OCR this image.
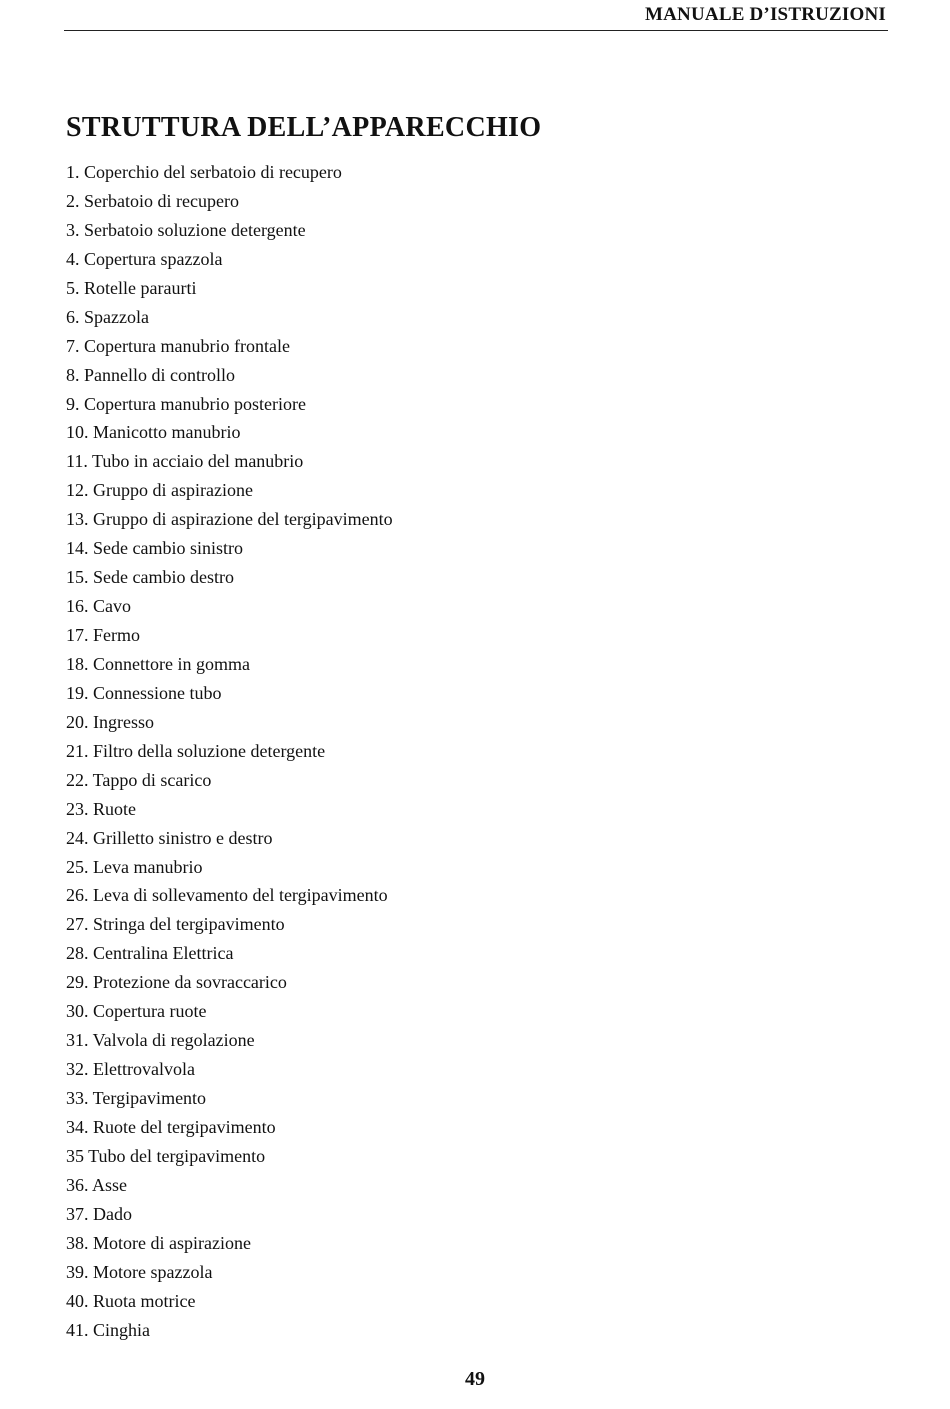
MANUALE D’ISTRUZIONI
STRUTTURA DELL’APPARECCHIO
1. Coperchio del serbatoio di recupero
2. Serbatoio di recupero
3. Serbatoio soluzione detergente
4. Copertura spazzola
5. Rotelle paraurti
6. Spazzola
7. Copertura manubrio frontale
8. Pannello di controllo
9. Copertura manubrio posteriore
10. Manicotto manubrio
11. Tubo in acciaio del manubrio
12. Gruppo di aspirazione
13. Gruppo di aspirazione del tergipavimento
14. Sede cambio sinistro
15. Sede cambio destro
16. Cavo
17. Fermo
18. Connettore in gomma
19. Connessione tubo
20. Ingresso
21. Filtro della soluzione detergente
22. Tappo di scarico
23. Ruote
24. Grilletto sinistro e destro
25. Leva manubrio
26. Leva di sollevamento del tergipavimento
27. Stringa del tergipavimento
28. Centralina Elettrica
29. Protezione da sovraccarico
30. Copertura ruote
31. Valvola di regolazione
32. Elettrovalvola
33. Tergipavimento
34. Ruote del tergipavimento
35 Tubo del tergipavimento
36. Asse
37. Dado
38. Motore di aspirazione
39. Motore spazzola
40. Ruota motrice
41. Cinghia
49
